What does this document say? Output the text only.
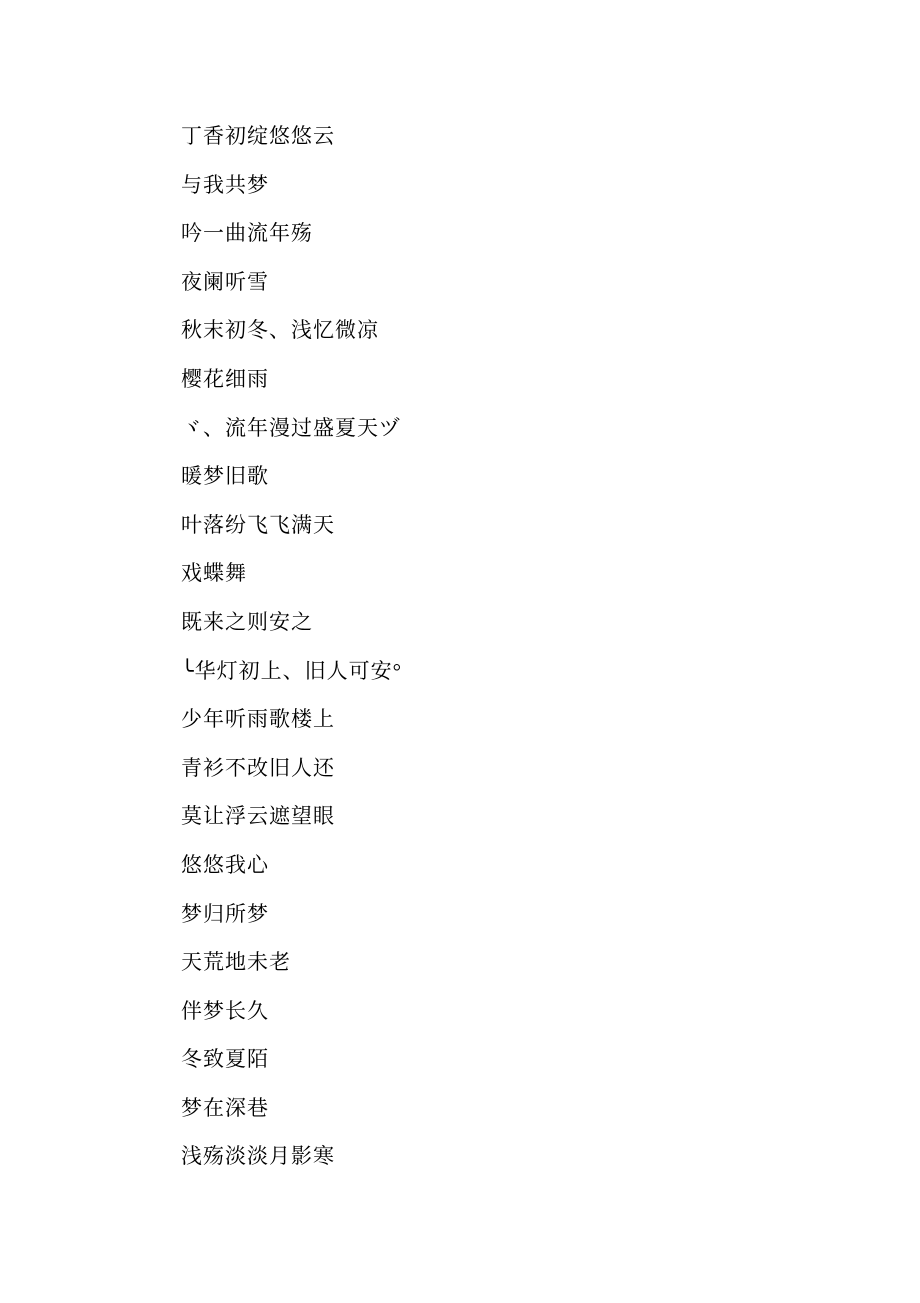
丁香初绽悠悠云

与我共梦

吟一曲流年殇

夜阑听雪

秋末初冬、浅忆微凉

樱花细雨

ヾ、流年漫过盛夏天ヅ

暖梦旧歌

叶落纷飞飞满天

戏蝶舞

既来之则安之

╰华灯初上、旧人可安°

少年听雨歌楼上

青衫不改旧人还

莫让浮云遮望眼

悠悠我心

梦归所梦

天荒地未老

伴梦长久

冬致夏陌

梦在深巷

浅殇淡淡月影寒
